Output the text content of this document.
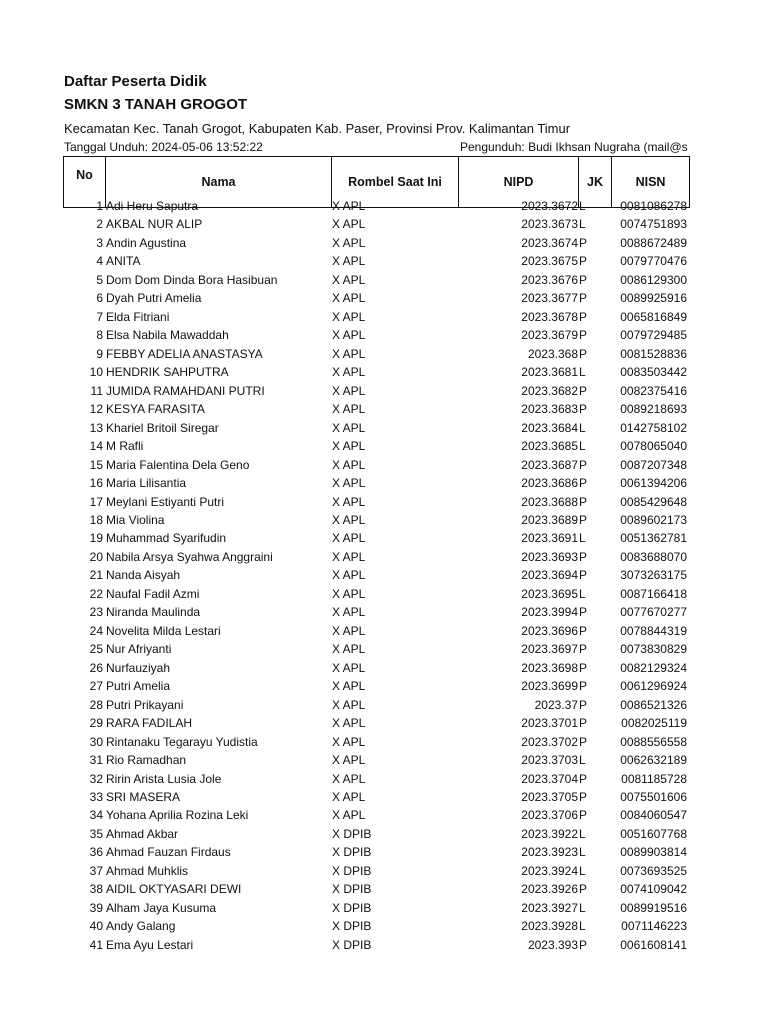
Daftar Peserta Didik
SMKN 3 TANAH GROGOT
Kecamatan Kec. Tanah Grogot, Kabupaten Kab. Paser, Provinsi Prov. Kalimantan Timur
Tanggal Unduh: 2024-05-06 13:52:22	Pengunduh: Budi Ikhsan Nugraha (mail@s
No	Nama	Rombel Saat Ini	NIPD	JK	NISN
1 Adi Heru Saputra	X APL	2023.3672 L	0081086278
2 AKBAL NUR ALIP	X APL	2023.3673 L	0074751893
3 Andin Agustina	X APL	2023.3674 P	0088672489
4 ANITA	X APL	2023.3675 P	0079770476
5 Dom Dom Dinda Bora Hasibuan	X APL	2023.3676 P	0086129300
6 Dyah Putri Amelia	X APL	2023.3677 P	0089925916
7 Elda Fitriani	X APL	2023.3678 P	0065816849
8 Elsa Nabila Mawaddah	X APL	2023.3679 P	0079729485
9 FEBBY ADELIA ANASTASYA	X APL	2023.368 P	0081528836
10 HENDRIK SAHPUTRA	X APL	2023.3681 L	0083503442
11 JUMIDA RAMAHDANI PUTRI	X APL	2023.3682 P	0082375416
12 KESYA FARASITA	X APL	2023.3683 P	0089218693
13 Khariel Britoil Siregar	X APL	2023.3684 L	0142758102
14 M Rafli	X APL	2023.3685 L	0078065040
15 Maria Falentina Dela Geno	X APL	2023.3687 P	0087207348
16 Maria Lilisantia	X APL	2023.3686 P	0061394206
17 Meylani Estiyanti Putri	X APL	2023.3688 P	0085429648
18 Mia Violina	X APL	2023.3689 P	0089602173
19 Muhammad Syarifudin	X APL	2023.3691 L	0051362781
20 Nabila Arsya Syahwa Anggraini	X APL	2023.3693 P	0083688070
21 Nanda Aisyah	X APL	2023.3694 P	3073263175
22 Naufal Fadil Azmi	X APL	2023.3695 L	0087166418
23 Niranda Maulinda	X APL	2023.3994 P	0077670277
24 Novelita Milda Lestari	X APL	2023.3696 P	0078844319
25 Nur Afriyanti	X APL	2023.3697 P	0073830829
26 Nurfauziyah	X APL	2023.3698 P	0082129324
27 Putri Amelia	X APL	2023.3699 P	0061296924
28 Putri Prikayani	X APL	2023.37 P	0086521326
29 RARA FADILAH	X APL	2023.3701 P	0082025119
30 Rintanaku Tegarayu Yudistia	X APL	2023.3702 P	0088556558
31 Rio Ramadhan	X APL	2023.3703 L	0062632189
32 Ririn Arista Lusia Jole	X APL	2023.3704 P	0081185728
33 SRI MASERA	X APL	2023.3705 P	0075501606
34 Yohana Aprilia Rozina Leki	X APL	2023.3706 P	0084060547
35 Ahmad Akbar	X DPIB	2023.3922 L	0051607768
36 Ahmad Fauzan Firdaus	X DPIB	2023.3923 L	0089903814
37 Ahmad Muhklis	X DPIB	2023.3924 L	0073693525
38 AIDIL OKTYASARI DEWI	X DPIB	2023.3926 P	0074109042
39 Alham Jaya Kusuma	X DPIB	2023.3927 L	0089919516
40 Andy Galang	X DPIB	2023.3928 L	0071146223
41 Ema Ayu Lestari	X DPIB	2023.393 P	0061608141
